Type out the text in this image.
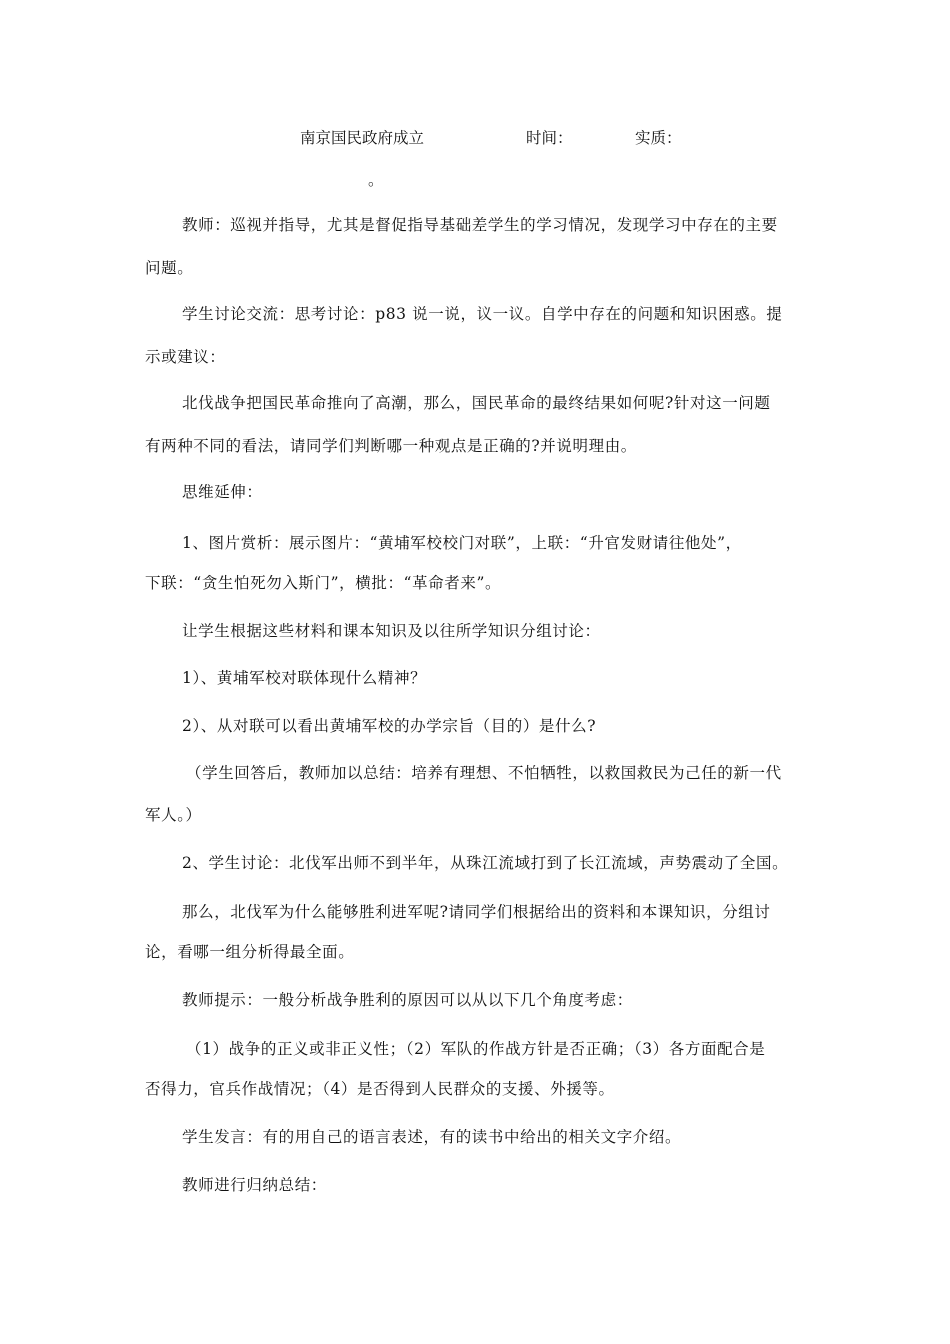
南京国民政府成立	时间：	实质：
。
教师：巡视并指导，尤其是督促指导基础差学生的学习情况，发现学习中存在的主要
问题。
学生讨论交流：思考讨论：p83 说一说，议一议。自学中存在的问题和知识困惑。提
示或建议：
北伐战争把国民革命推向了高潮，那么，国民革命的最终结果如何呢?针对这一问题
有两种不同的看法，请同学们判断哪一种观点是正确的?并说明理由。
思维延伸：
1、图片赏析：展示图片：“黄埔军校校门对联”，上联：“升官发财请往他处”，
下联：“贪生怕死勿入斯门”，横批：“革命者来”。
让学生根据这些材料和课本知识及以往所学知识分组讨论：
1）、黄埔军校对联体现什么精神？
2）、从对联可以看出黄埔军校的办学宗旨（目的）是什么?
（学生回答后，教师加以总结：培养有理想、不怕牺牲，以救国救民为己任的新一代
军人。）
2、学生讨论：北伐军出师不到半年，从珠江流域打到了长江流域，声势震动了全国。
那么，北伐军为什么能够胜利进军呢?请同学们根据给出的资料和本课知识，分组讨
论，看哪一组分析得最全面。
教师提示：一般分析战争胜利的原因可以从以下几个角度考虑：
（1）战争的正义或非正义性；（2）军队的作战方针是否正确；（3）各方面配合是
否得力，官兵作战情况；（4）是否得到人民群众的支援、外援等。
学生发言：有的用自己的语言表述，有的读书中给出的相关文字介绍。
教师进行归纳总结：
